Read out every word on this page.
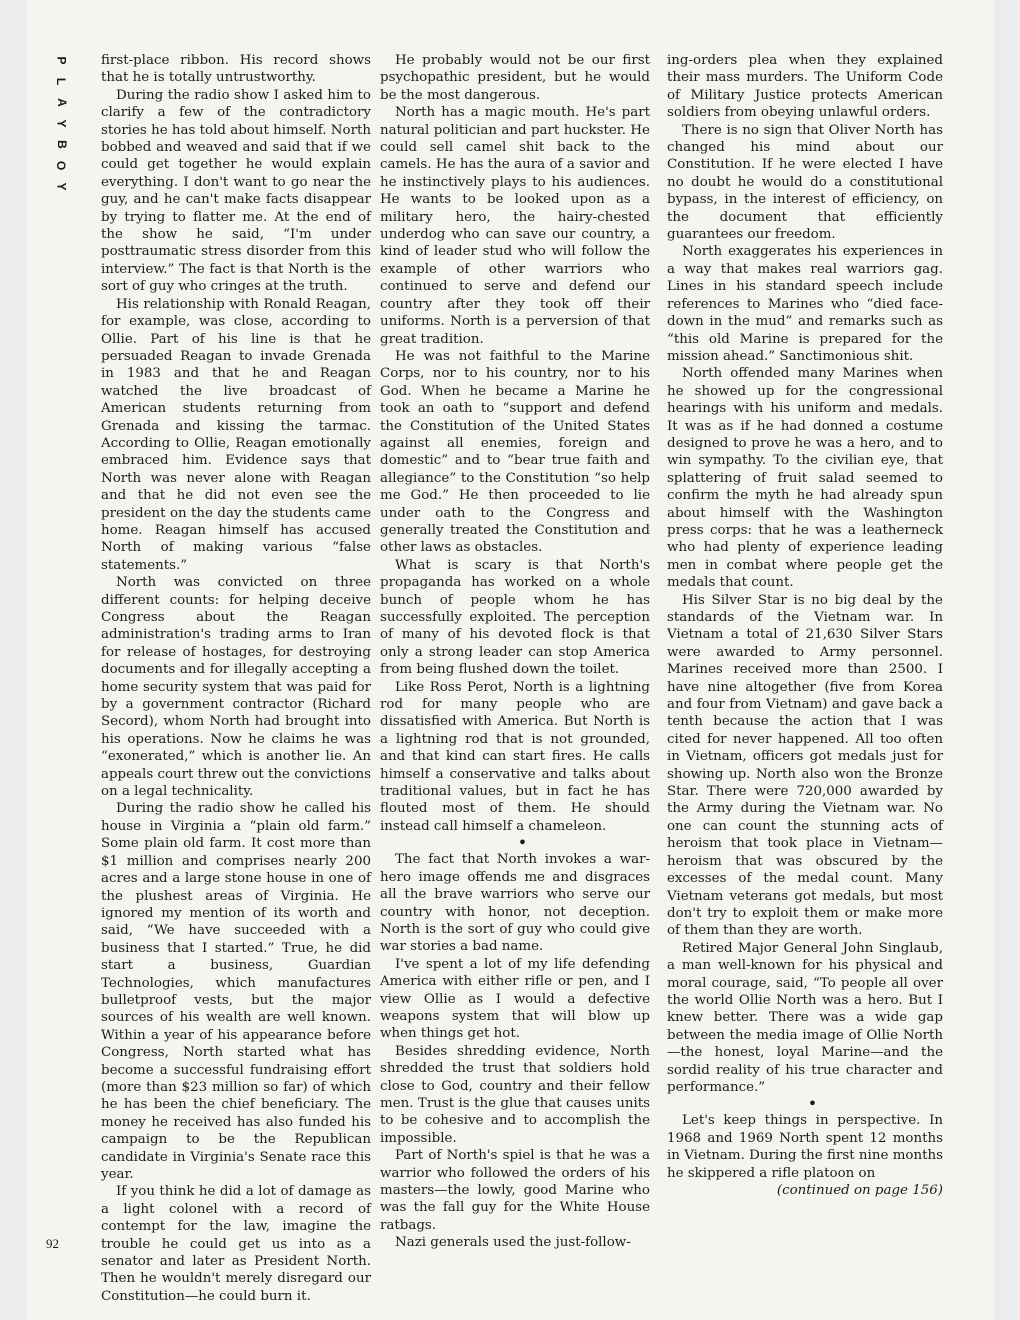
P
L
A
Y
B
O
Y

first-place ribbon. His record shows that he is totally untrustworthy.

During the radio show I asked him to clarify a few of the contradictory stories he has told about himself. North bobbed and weaved and said that if we could get together he would explain everything. I don't want to go near the guy, and he can't make facts disappear by trying to flatter me. At the end of the show he said, “I'm under posttraumatic stress disorder from this interview.” The fact is that North is the sort of guy who cringes at the truth.

His relationship with Ronald Reagan, for example, was close, according to Ollie. Part of his line is that he persuaded Reagan to invade Grenada in 1983 and that he and Reagan watched the live broadcast of American students returning from Grenada and kissing the tarmac. According to Ollie, Reagan emotionally embraced him. Evidence says that North was never alone with Reagan and that he did not even see the president on the day the students came home. Reagan himself has accused North of making various “false statements.”

North was convicted on three different counts: for helping deceive Congress about the Reagan administration's trading arms to Iran for release of hostages, for destroying documents and for illegally accepting a home security system that was paid for by a government contractor (Richard Secord), whom North had brought into his operations. Now he claims he was “exonerated,” which is another lie. An appeals court threw out the convictions on a legal technicality.

During the radio show he called his house in Virginia a “plain old farm.” Some plain old farm. It cost more than $1 million and comprises nearly 200 acres and a large stone house in one of the plushest areas of Virginia. He ignored my mention of its worth and said, “We have succeeded with a business that I started.” True, he did start a business, Guardian Technologies, which manufactures bulletproof vests, but the major sources of his wealth are well known. Within a year of his appearance before Congress, North started what has become a successful fundraising effort (more than $23 million so far) of which he has been the chief beneficiary. The money he received has also funded his campaign to be the Republican candidate in Virginia's Senate race this year.

If you think he did a lot of damage as a light colonel with a record of contempt for the law, imagine the trouble he could get us into as a senator and later as President North. Then he wouldn't merely disregard our Constitution—he could burn it.

He probably would not be our first psychopathic president, but he would be the most dangerous.

North has a magic mouth. He's part natural politician and part huckster. He could sell camel shit back to the camels. He has the aura of a savior and he instinctively plays to his audiences. He wants to be looked upon as a military hero, the hairy-chested underdog who can save our country, a kind of leader stud who will follow the example of other warriors who continued to serve and defend our country after they took off their uniforms. North is a perversion of that great tradition.

He was not faithful to the Marine Corps, nor to his country, nor to his God. When he became a Marine he took an oath to “support and defend the Constitution of the United States against all enemies, foreign and domestic” and to “bear true faith and allegiance” to the Constitution “so help me God.” He then proceeded to lie under oath to the Congress and generally treated the Constitution and other laws as obstacles.

What is scary is that North's propaganda has worked on a whole bunch of people whom he has successfully exploited. The perception of many of his devoted flock is that only a strong leader can stop America from being flushed down the toilet.

Like Ross Perot, North is a lightning rod for many people who are dissatisfied with America. But North is a lightning rod that is not grounded, and that kind can start fires. He calls himself a conservative and talks about traditional values, but in fact he has flouted most of them. He should instead call himself a chameleon.

•

The fact that North invokes a war-hero image offends me and disgraces all the brave warriors who serve our country with honor, not deception. North is the sort of guy who could give war stories a bad name.

I've spent a lot of my life defending America with either rifle or pen, and I view Ollie as I would a defective weapons system that will blow up when things get hot.

Besides shredding evidence, North shredded the trust that soldiers hold close to God, country and their fellow men. Trust is the glue that causes units to be cohesive and to accomplish the impossible.

Part of North's spiel is that he was a warrior who followed the orders of his masters—the lowly, good Marine who was the fall guy for the White House ratbags.

Nazi generals used the just-follow-

ing-orders plea when they explained their mass murders. The Uniform Code of Military Justice protects American soldiers from obeying unlawful orders.

There is no sign that Oliver North has changed his mind about our Constitution. If he were elected I have no doubt he would do a constitutional bypass, in the interest of efficiency, on the document that efficiently guarantees our freedom.

North exaggerates his experiences in a way that makes real warriors gag. Lines in his standard speech include references to Marines who “died face-down in the mud” and remarks such as “this old Marine is prepared for the mission ahead.” Sanctimonious shit.

North offended many Marines when he showed up for the congressional hearings with his uniform and medals. It was as if he had donned a costume designed to prove he was a hero, and to win sympathy. To the civilian eye, that splattering of fruit salad seemed to confirm the myth he had already spun about himself with the Washington press corps: that he was a leatherneck who had plenty of experience leading men in combat where people get the medals that count.

His Silver Star is no big deal by the standards of the Vietnam war. In Vietnam a total of 21,630 Silver Stars were awarded to Army personnel. Marines received more than 2500. I have nine altogether (five from Korea and four from Vietnam) and gave back a tenth because the action that I was cited for never happened. All too often in Vietnam, officers got medals just for showing up. North also won the Bronze Star. There were 720,000 awarded by the Army during the Vietnam war. No one can count the stunning acts of heroism that took place in Vietnam—heroism that was obscured by the excesses of the medal count. Many Vietnam veterans got medals, but most don't try to exploit them or make more of them than they are worth.

Retired Major General John Singlaub, a man well-known for his physical and moral courage, said, “To people all over the world Ollie North was a hero. But I knew better. There was a wide gap between the media image of Ollie North—the honest, loyal Marine—and the sordid reality of his true character and performance.”

•

Let's keep things in perspective. In 1968 and 1969 North spent 12 months in Vietnam. During the first nine months he skippered a rifle platoon on

(continued on page 156)

92
